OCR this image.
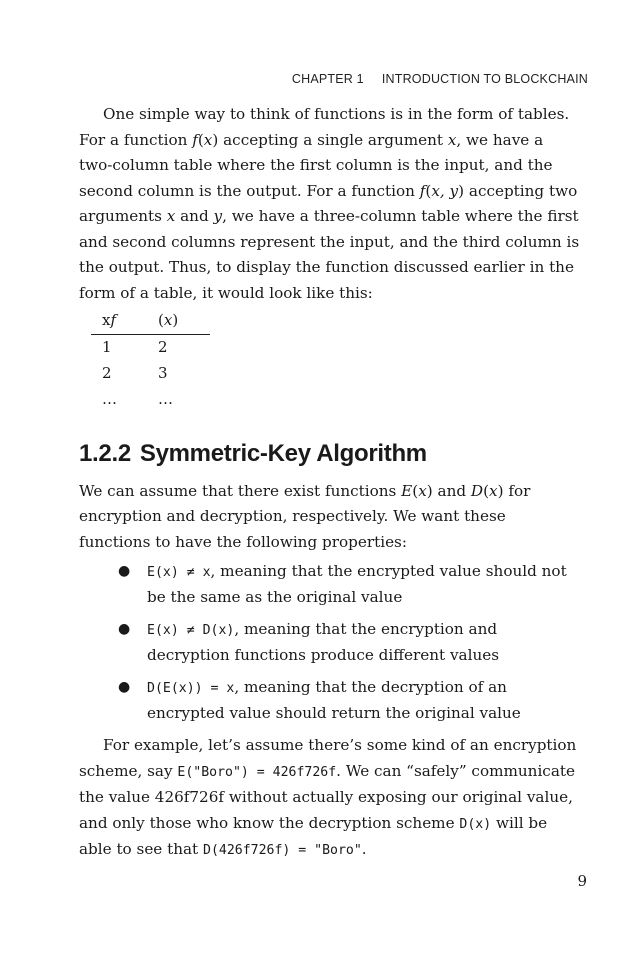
CHAPTER 1 INTRODUCTION TO BLOCKCHAIN

One simple way to think of functions is in the form of tables. For a function f(x) accepting a single argument x, we have a two-column table where the first column is the input, and the second column is the output. For a function f(x, y) accepting two arguments x and y, we have a three-column table where the first and second columns represent the input, and the third column is the output. Thus, to display the function discussed earlier in the form of a table, it would look like this:

xf	(x)
1	2
2	3
…	…
1.2.2 Symmetric-Key Algorithm

We can assume that there exist functions E(x) and D(x) for encryption and decryption, respectively. We want these functions to have the following properties:

● E(x) ≠ x, meaning that the encrypted value should not be the same as the original value
● E(x) ≠ D(x), meaning that the encryption and decryption functions produce different values
● D(E(x)) = x, meaning that the decryption of an encrypted value should return the original value

For example, let’s assume there’s some kind of an encryption scheme, say E("Boro") = 426f726f. We can “safely” communicate the value 426f726f without actually exposing our original value, and only those who know the decryption scheme D(x) will be able to see that D(426f726f) = "Boro".

9
